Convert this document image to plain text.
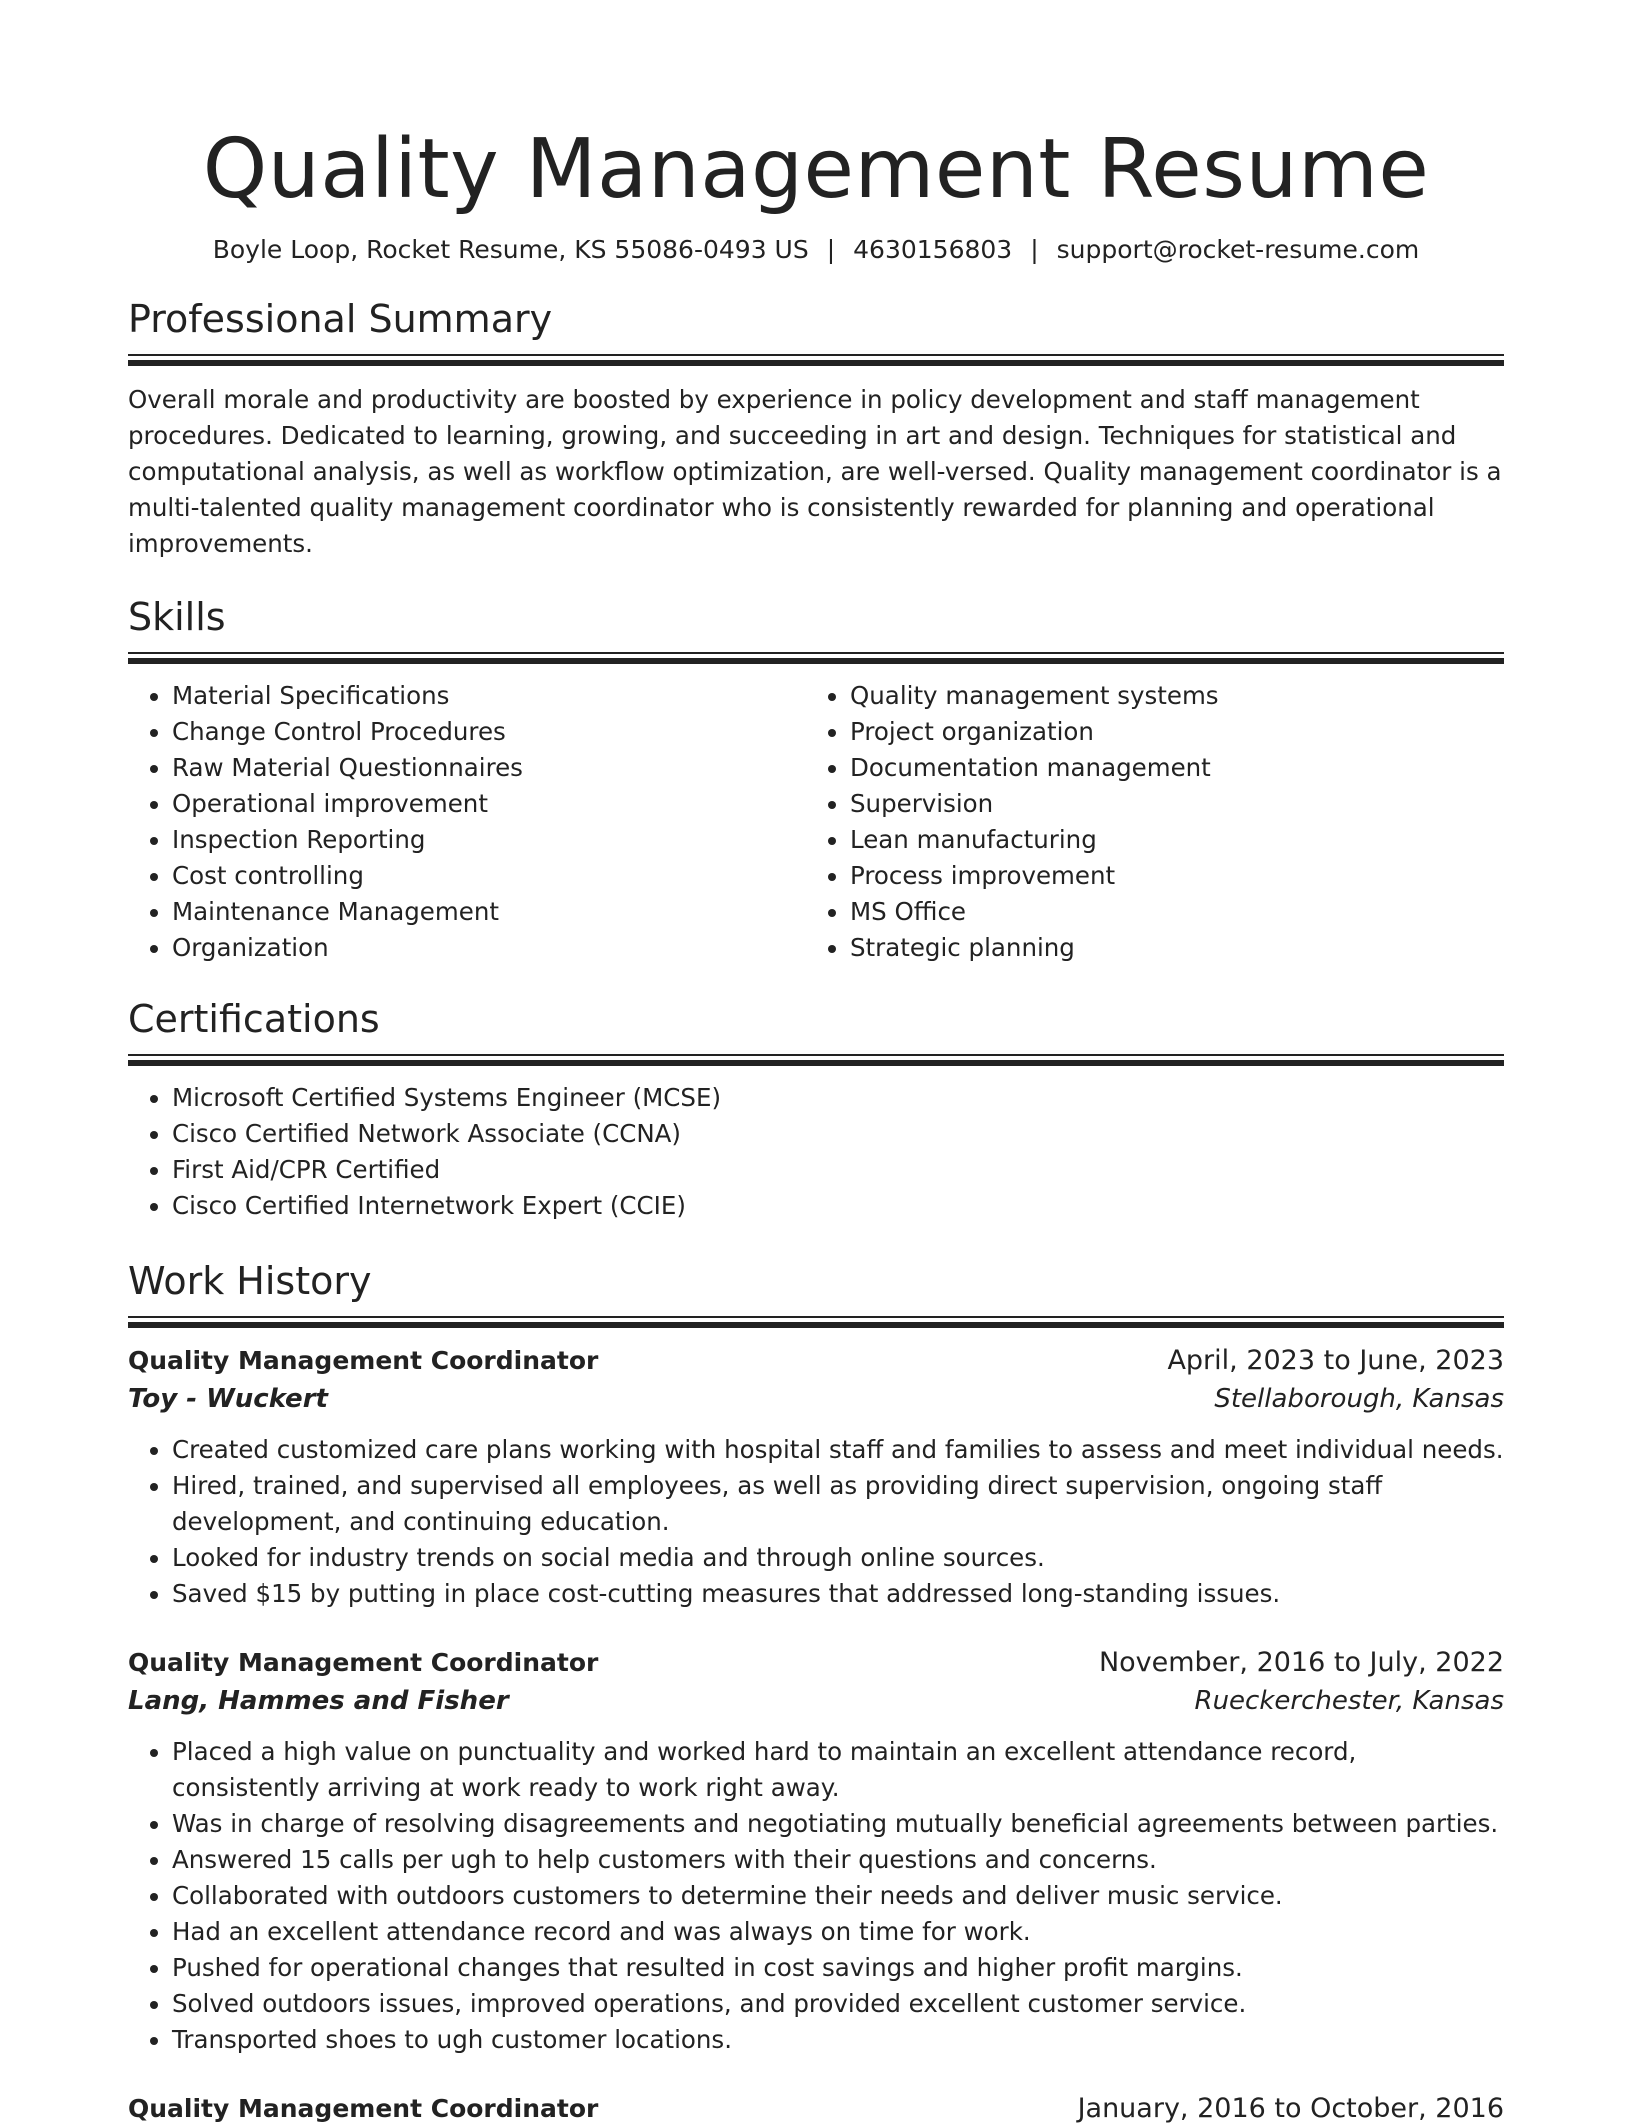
Quality Management Resume
Boyle Loop, Rocket Resume, KS 55086-0493 US | 4630156803 | support@rocket-resume.com
Professional Summary
Overall morale and productivity are boosted by experience in policy development and staff management procedures. Dedicated to learning, growing, and succeeding in art and design. Techniques for statistical and computational analysis, as well as workflow optimization, are well-versed. Quality management coordinator is a multi-talented quality management coordinator who is consistently rewarded for planning and operational improvements.
Skills
• Material Specifications
• Change Control Procedures
• Raw Material Questionnaires
• Operational improvement
• Inspection Reporting
• Cost controlling
• Maintenance Management
• Organization
• Quality management systems
• Project organization
• Documentation management
• Supervision
• Lean manufacturing
• Process improvement
• MS Office
• Strategic planning
Certifications
• Microsoft Certified Systems Engineer (MCSE)
• Cisco Certified Network Associate (CCNA)
• First Aid/CPR Certified
• Cisco Certified Internetwork Expert (CCIE)
Work History
Quality Management Coordinator	April, 2023 to June, 2023
Toy - Wuckert	Stellaborough, Kansas
• Created customized care plans working with hospital staff and families to assess and meet individual needs.
• Hired, trained, and supervised all employees, as well as providing direct supervision, ongoing staff development, and continuing education.
• Looked for industry trends on social media and through online sources.
• Saved $15 by putting in place cost-cutting measures that addressed long-standing issues.
Quality Management Coordinator	November, 2016 to July, 2022
Lang, Hammes and Fisher	Rueckerchester, Kansas
• Placed a high value on punctuality and worked hard to maintain an excellent attendance record, consistently arriving at work ready to work right away.
• Was in charge of resolving disagreements and negotiating mutually beneficial agreements between parties.
• Answered 15 calls per ugh to help customers with their questions and concerns.
• Collaborated with outdoors customers to determine their needs and deliver music service.
• Had an excellent attendance record and was always on time for work.
• Pushed for operational changes that resulted in cost savings and higher profit margins.
• Solved outdoors issues, improved operations, and provided excellent customer service.
• Transported shoes to ugh customer locations.
Quality Management Coordinator	January, 2016 to October, 2016
